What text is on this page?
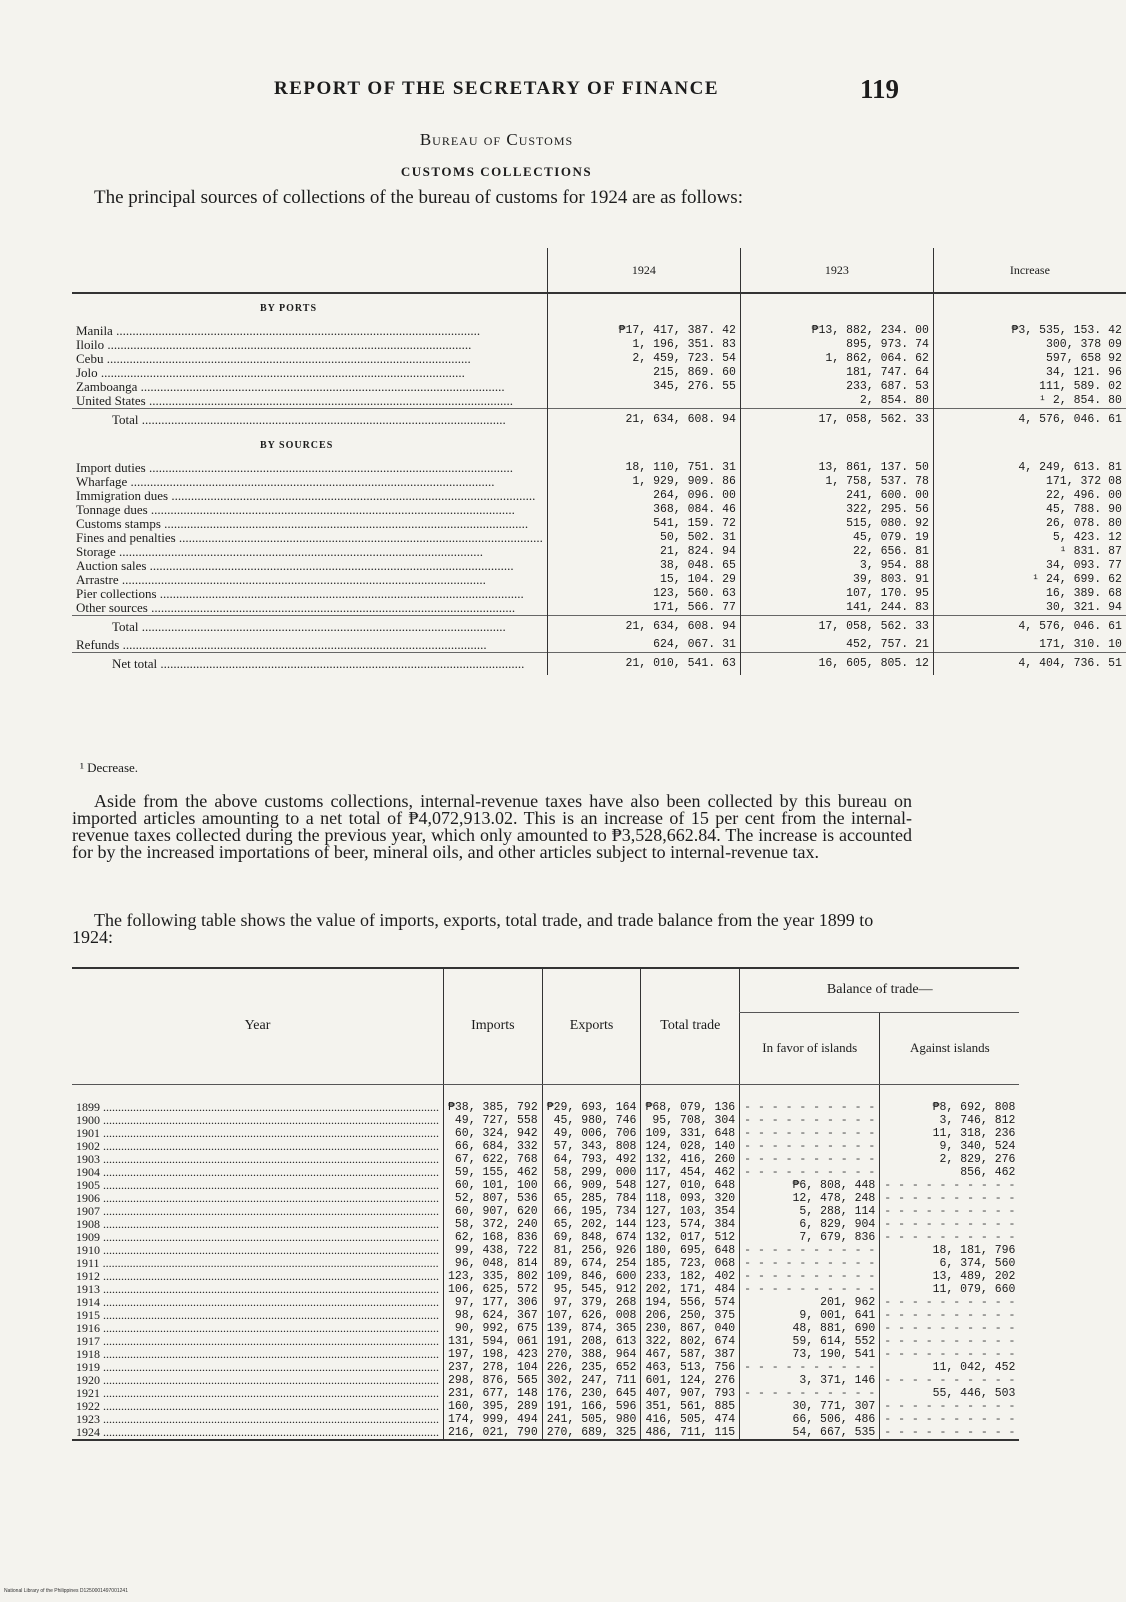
REPORT OF THE SECRETARY OF FINANCE	119
Bureau of Customs
CUSTOMS COLLECTIONS
The principal sources of collections of the bureau of customs for 1924 are as follows:
	1924	1923	Increase
BY PORTS			
Manila .....	₱17, 417, 387. 42	₱13, 882, 234. 00	₱3, 535, 153. 42
Iloilo .....	1, 196, 351. 83	895, 973. 74	300, 378 09
Cebu .....	2, 459, 723. 54	1, 862, 064. 62	597, 658 92
Jolo .....	215, 869. 60	181, 747. 64	34, 121. 96
Zamboanga .....	345, 276. 55	233, 687. 53	111, 589. 02
United States .....		2, 854. 80	¹ 2, 854. 80
Total .....	21, 634, 608. 94	17, 058, 562. 33	4, 576, 046. 61
BY SOURCES			
Import duties .....	18, 110, 751. 31	13, 861, 137. 50	4, 249, 613. 81
Wharfage .....	1, 929, 909. 86	1, 758, 537. 78	171, 372 08
Immigration dues .....	264, 096. 00	241, 600. 00	22, 496. 00
Tonnage dues .....	368, 084. 46	322, 295. 56	45, 788. 90
Customs stamps .....	541, 159. 72	515, 080. 92	26, 078. 80
Fines and penalties .....	50, 502. 31	45, 079. 19	5, 423. 12
Storage .....	21, 824. 94	22, 656. 81	¹ 831. 87
Auction sales .....	38, 048. 65	3, 954. 88	34, 093. 77
Arrastre .....	15, 104. 29	39, 803. 91	¹ 24, 699. 62
Pier collections .....	123, 560. 63	107, 170. 95	16, 389. 68
Other sources .....	171, 566. 77	141, 244. 83	30, 321. 94
Total .....	21, 634, 608. 94	17, 058, 562. 33	4, 576, 046. 61
Refunds .....	624, 067. 31	452, 757. 21	171, 310. 10
Net total .....	21, 010, 541. 63	16, 605, 805. 12	4, 404, 736. 51
¹ Decrease.
Aside from the above customs collections, internal-revenue taxes have also been collected by this bureau on imported articles amounting to a net total of ₱4,072,913.02. This is an increase of 15 per cent from the internal-revenue taxes collected during the previous year, which only amounted to ₱3,528,662.84. The increase is accounted for by the increased importations of beer, mineral oils, and other articles subject to internal-revenue tax.
The following table shows the value of imports, exports, total trade, and trade balance from the year 1899 to 1924:
Year	Imports	Exports	Total trade	Balance of trade—	
				In favor of islands	Against islands
1899 .....	₱38, 385, 792	₱29, 693, 164	₱68, 079, 136	- - - - - - - - - -	₱8, 692, 808
1900 .....	49, 727, 558	45, 980, 746	95, 708, 304	- - - - - - - - - -	3, 746, 812
1901 .....	60, 324, 942	49, 006, 706	109, 331, 648	- - - - - - - - - -	11, 318, 236
1902 .....	66, 684, 332	57, 343, 808	124, 028, 140	- - - - - - - - - -	9, 340, 524
1903 .....	67, 622, 768	64, 793, 492	132, 416, 260	- - - - - - - - - -	2, 829, 276
1904 .....	59, 155, 462	58, 299, 000	117, 454, 462	- - - - - - - - - -	856, 462
1905 .....	60, 101, 100	66, 909, 548	127, 010, 648	₱6, 808, 448	- - - - - - - - - -
1906 .....	52, 807, 536	65, 285, 784	118, 093, 320	12, 478, 248	- - - - - - - - - -
1907 .....	60, 907, 620	66, 195, 734	127, 103, 354	5, 288, 114	- - - - - - - - - -
1908 .....	58, 372, 240	65, 202, 144	123, 574, 384	6, 829, 904	- - - - - - - - - -
1909 .....	62, 168, 836	69, 848, 674	132, 017, 512	7, 679, 836	- - - - - - - - - -
1910 .....	99, 438, 722	81, 256, 926	180, 695, 648	- - - - - - - - - -	18, 181, 796
1911 .....	96, 048, 814	89, 674, 254	185, 723, 068	- - - - - - - - - -	6, 374, 560
1912 .....	123, 335, 802	109, 846, 600	233, 182, 402	- - - - - - - - - -	13, 489, 202
1913 .....	106, 625, 572	95, 545, 912	202, 171, 484	- - - - - - - - - -	11, 079, 660
1914 .....	97, 177, 306	97, 379, 268	194, 556, 574	201, 962	- - - - - - - - - -
1915 .....	98, 624, 367	107, 626, 008	206, 250, 375	9, 001, 641	- - - - - - - - - -
1916 .....	90, 992, 675	139, 874, 365	230, 867, 040	48, 881, 690	- - - - - - - - - -
1917 .....	131, 594, 061	191, 208, 613	322, 802, 674	59, 614, 552	- - - - - - - - - -
1918 .....	197, 198, 423	270, 388, 964	467, 587, 387	73, 190, 541	- - - - - - - - - -
1919 .....	237, 278, 104	226, 235, 652	463, 513, 756	- - - - - - - - - -	11, 042, 452
1920 .....	298, 876, 565	302, 247, 711	601, 124, 276	3, 371, 146	- - - - - - - - - -
1921 .....	231, 677, 148	176, 230, 645	407, 907, 793	- - - - - - - - - -	55, 446, 503
1922 .....	160, 395, 289	191, 166, 596	351, 561, 885	30, 771, 307	- - - - - - - - - -
1923 .....	174, 999, 494	241, 505, 980	416, 505, 474	66, 506, 486	- - - - - - - - - -
1924 .....	216, 021, 790	270, 689, 325	486, 711, 115	54, 667, 535	- - - - - - - - - -

National Library of the Philippines D1250001497001241
